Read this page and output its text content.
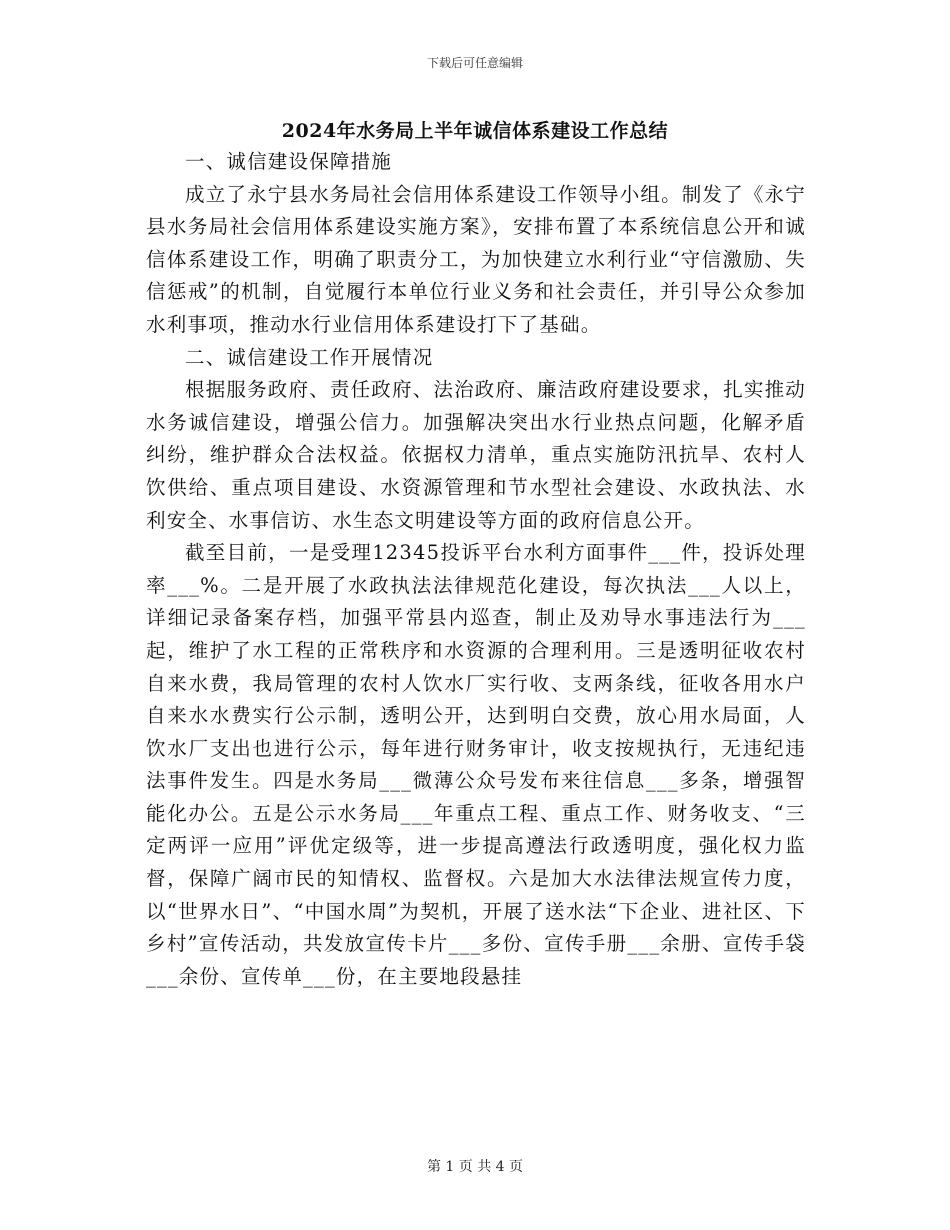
下载后可任意编辑
2024年水务局上半年诚信体系建设工作总结

一、诚信建设保障措施

成立了永宁县水务局社会信用体系建设工作领导小组。制发了《永宁县水务局社会信用体系建设实施方案》，安排布置了本系统信息公开和诚信体系建设工作，明确了职责分工，为加快建立水利行业“守信激励、失信惩戒”的机制，自觉履行本单位行业义务和社会责任，并引导公众参加水利事项，推动水行业信用体系建设打下了基础。

二、诚信建设工作开展情况

根据服务政府、责任政府、法治政府、廉洁政府建设要求，扎实推动水务诚信建设，增强公信力。加强解决突出水行业热点问题，化解矛盾纠纷，维护群众合法权益。依据权力清单，重点实施防汛抗旱、农村人饮供给、重点项目建设、水资源管理和节水型社会建设、水政执法、水利安全、水事信访、水生态文明建设等方面的政府信息公开。

截至目前，一是受理12345投诉平台水利方面事件___件，投诉处理率___%。二是开展了水政执法法律规范化建设，每次执法___人以上，详细记录备案存档，加强平常县内巡查，制止及劝导水事违法行为___起，维护了水工程的正常秩序和水资源的合理利用。三是透明征收农村自来水费，我局管理的农村人饮水厂实行收、支两条线，征收各用水户自来水水费实行公示制，透明公开，达到明白交费，放心用水局面，人饮水厂支出也进行公示，每年进行财务审计，收支按规执行，无违纪违法事件发生。四是水务局___微薄公众号发布来往信息___多条，增强智能化办公。五是公示水务局___年重点工程、重点工作、财务收支、“三定两评一应用”评优定级等，进一步提高遵法行政透明度，强化权力监督，保障广阔市民的知情权、监督权。六是加大水法律法规宣传力度，以“世界水日”、“中国水周”为契机，开展了送水法“下企业、进社区、下乡村”宣传活动，共发放宣传卡片___多份、宣传手册___余册、宣传手袋___余份、宣传单___份，在主要地段悬挂

第 1 页 共 4 页
